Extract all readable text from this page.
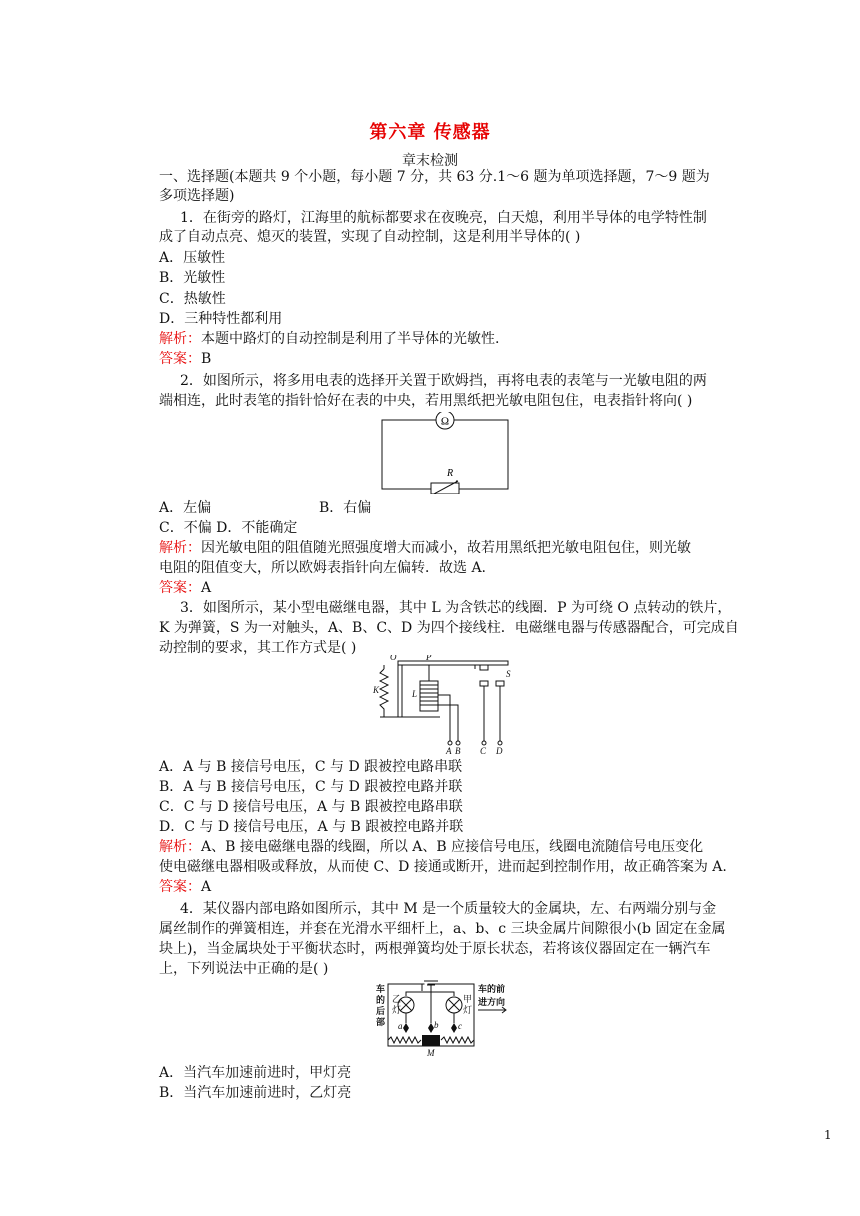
第六章 传感器
章末检测
一、选择题(本题共 9 个小题，每小题 7 分，共 63 分.1～6 题为单项选择题，7～9 题为
多项选择题)
1．在街旁的路灯，江海里的航标都要求在夜晚亮，白天熄，利用半导体的电学特性制
成了自动点亮、熄灭的装置，实现了自动控制，这是利用半导体的( )
A．压敏性
B．光敏性
C．热敏性
D．三种特性都利用
解析：本题中路灯的自动控制是利用了半导体的光敏性.
答案：B
2．如图所示，将多用电表的选择开关置于欧姆挡，再将电表的表笔与一光敏电阻的两
端相连，此时表笔的指针恰好在表的中央，若用黑纸把光敏电阻包住，电表指针将向( )
Ω
R
A．左偏	B．右偏
C．不偏 D．不能确定
解析：因光敏电阻的阻值随光照强度增大而减小，故若用黑纸把光敏电阻包住，则光敏
电阻的阻值变大，所以欧姆表指针向左偏转．故选 A.
答案：A
3．如图所示，某小型电磁继电器，其中 L 为含铁芯的线圈．P 为可绕 O 点转动的铁片，
K 为弹簧，S 为一对触头，A、B、C、D 为四个接线柱．电磁继电器与传感器配合，可完成自
动控制的要求，其工作方式是( )
O	P
S
K	L
A B C D
A．A 与 B 接信号电压，C 与 D 跟被控电路串联
B．A 与 B 接信号电压，C 与 D 跟被控电路并联
C．C 与 D 接信号电压，A 与 B 跟被控电路串联
D．C 与 D 接信号电压，A 与 B 跟被控电路并联
解析：A、B 接电磁继电器的线圈，所以 A、B 应接信号电压，线圈电流随信号电压变化
使电磁继电器相吸或释放，从而使 C、D 接通或断开，进而起到控制作用，故正确答案为 A.
答案：A
4．某仪器内部电路如图所示，其中 M 是一个质量较大的金属块，左、右两端分别与金
属丝制作的弹簧相连，并套在光滑水平细杆上，a、b、c 三块金属片间隙很小(b 固定在金属
块上)，当金属块处于平衡状态时，两根弹簧均处于原长状态，若将该仪器固定在一辆汽车
上，下列说法中正确的是( )
车
的
后
部
乙
灯
甲
灯
车的前
进方向
a	b c
M
A．当汽车加速前进时，甲灯亮
B．当汽车加速前进时，乙灯亮
1
